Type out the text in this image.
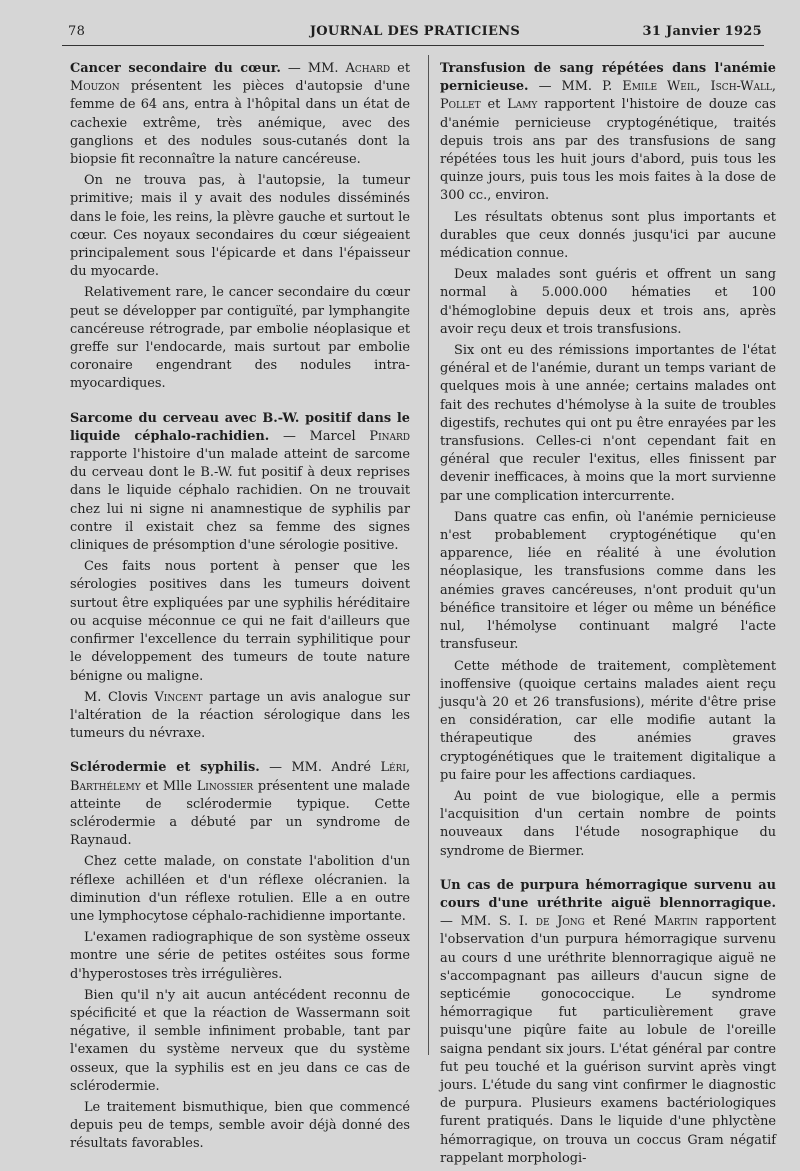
78	JOURNAL DES PRATICIENS	31 Janvier 1925

Cancer secondaire du cœur. — MM. Achard et Mouzon présentent les pièces d'autopsie d'une femme de 64 ans, entra à l'hôpital dans un état de cachexie extrême, très anémique, avec des ganglions et des nodules sous-cutanés dont la biopsie fit reconnaître la nature cancéreuse.

On ne trouva pas, à l'autopsie, la tumeur primitive; mais il y avait des nodules disséminés dans le foie, les reins, la plèvre gauche et surtout le cœur. Ces noyaux secondaires du cœur siégeaient principalement sous l'épicarde et dans l'épaisseur du myocarde.

Relativement rare, le cancer secondaire du cœur peut se développer par contiguïté, par lymphangite cancéreuse rétrograde, par embolie néoplasique et greffe sur l'endocarde, mais surtout par embolie coronaire engendrant des nodules intra-myocardiques.

Sarcome du cerveau avec B.-W. positif dans le liquide céphalo-rachidien. — Marcel Pinard rapporte l'histoire d'un malade atteint de sarcome du cerveau dont le B.-W. fut positif à deux reprises dans le liquide céphalo rachidien. On ne trouvait chez lui ni signe ni anamnestique de syphilis par contre il existait chez sa femme des signes cliniques de présomption d'une sérologie positive.

Ces faits nous portent à penser que les sérologies positives dans les tumeurs doivent surtout être expliquées par une syphilis héréditaire ou acquise méconnue ce qui ne fait d'ailleurs que confirmer l'excellence du terrain syphilitique pour le développement des tumeurs de toute nature bénigne ou maligne.

M. Clovis Vincent partage un avis analogue sur l'altération de la réaction sérologique dans les tumeurs du névraxe.

Sclérodermie et syphilis. — MM. André Léri, Barthélemy et Mlle Linossier présentent une malade atteinte de sclérodermie typique. Cette sclérodermie a débuté par un syndrome de Raynaud.

Chez cette malade, on constate l'abolition d'un réflexe achilléen et d'un réflexe olécranien. la diminution d'un réflexe rotulien. Elle a en outre une lymphocytose céphalo-rachidienne importante.

L'examen radiographique de son système osseux montre une série de petites ostéites sous forme d'hyperostoses très irrégulières.

Bien qu'il n'y ait aucun antécédent reconnu de spécificité et que la réaction de Wassermann soit négative, il semble infiniment probable, tant par l'examen du système nerveux que du système osseux, que la syphilis est en jeu dans ce cas de sclérodermie.

Le traitement bismuthique, bien que commencé depuis peu de temps, semble avoir déjà donné des résultats favorables.

Transfusion de sang répétées dans l'anémie pernicieuse. — MM. P. Emile Weil, Isch-Wall, Pollet et Lamy rapportent l'histoire de douze cas d'anémie pernicieuse cryptogénétique, traités depuis trois ans par des transfusions de sang répétées tous les huit jours d'abord, puis tous les quinze jours, puis tous les mois faites à la dose de 300 cc., environ.

Les résultats obtenus sont plus importants et durables que ceux donnés jusqu'ici par aucune médication connue.

Deux malades sont guéris et offrent un sang normal à 5.000.000 hématies et 100 d'hémoglobine depuis deux et trois ans, après avoir reçu deux et trois transfusions.

Six ont eu des rémissions importantes de l'état général et de l'anémie, durant un temps variant de quelques mois à une année; certains malades ont fait des rechutes d'hémolyse à la suite de troubles digestifs, rechutes qui ont pu être enrayées par les transfusions. Celles-ci n'ont cependant fait en général que reculer l'exitus, elles finissent par devenir inefficaces, à moins que la mort survienne par une complication intercurrente.

Dans quatre cas enfin, où l'anémie pernicieuse n'est probablement cryptogénétique qu'en apparence, liée en réalité à une évolution néoplasique, les transfusions comme dans les anémies graves cancéreuses, n'ont produit qu'un bénéfice transitoire et léger ou même un bénéfice nul, l'hémolyse continuant malgré l'acte transfuseur.

Cette méthode de traitement, complètement inoffensive (quoique certains malades aient reçu jusqu'à 20 et 26 transfusions), mérite d'être prise en considération, car elle modifie autant la thérapeutique des anémies graves cryptogénétiques que le traitement digitalique a pu faire pour les affections cardiaques.

Au point de vue biologique, elle a permis l'acquisition d'un certain nombre de points nouveaux dans l'étude nosographique du syndrome de Biermer.

Un cas de purpura hémorragique survenu au cours d'une uréthrite aiguë blennorragique. — MM. S. I. de Jong et René Martin rapportent l'observation d'un purpura hémorragique survenu au cours d une uréthrite blennorragique aiguë ne s'accompagnant pas ailleurs d'aucun signe de septicémie gonococcique. Le syndrome hémorragique fut particulièrement grave puisqu'une piqûre faite au lobule de l'oreille saigna pendant six jours. L'état général par contre fut peu touché et la guérison survint après vingt jours. L'étude du sang vint confirmer le diagnostic de purpura. Plusieurs examens bactériologiques furent pratiqués. Dans le liquide d'une phlyctène hémorragique, on trouva un coccus Gram négatif rappelant morphologi-
